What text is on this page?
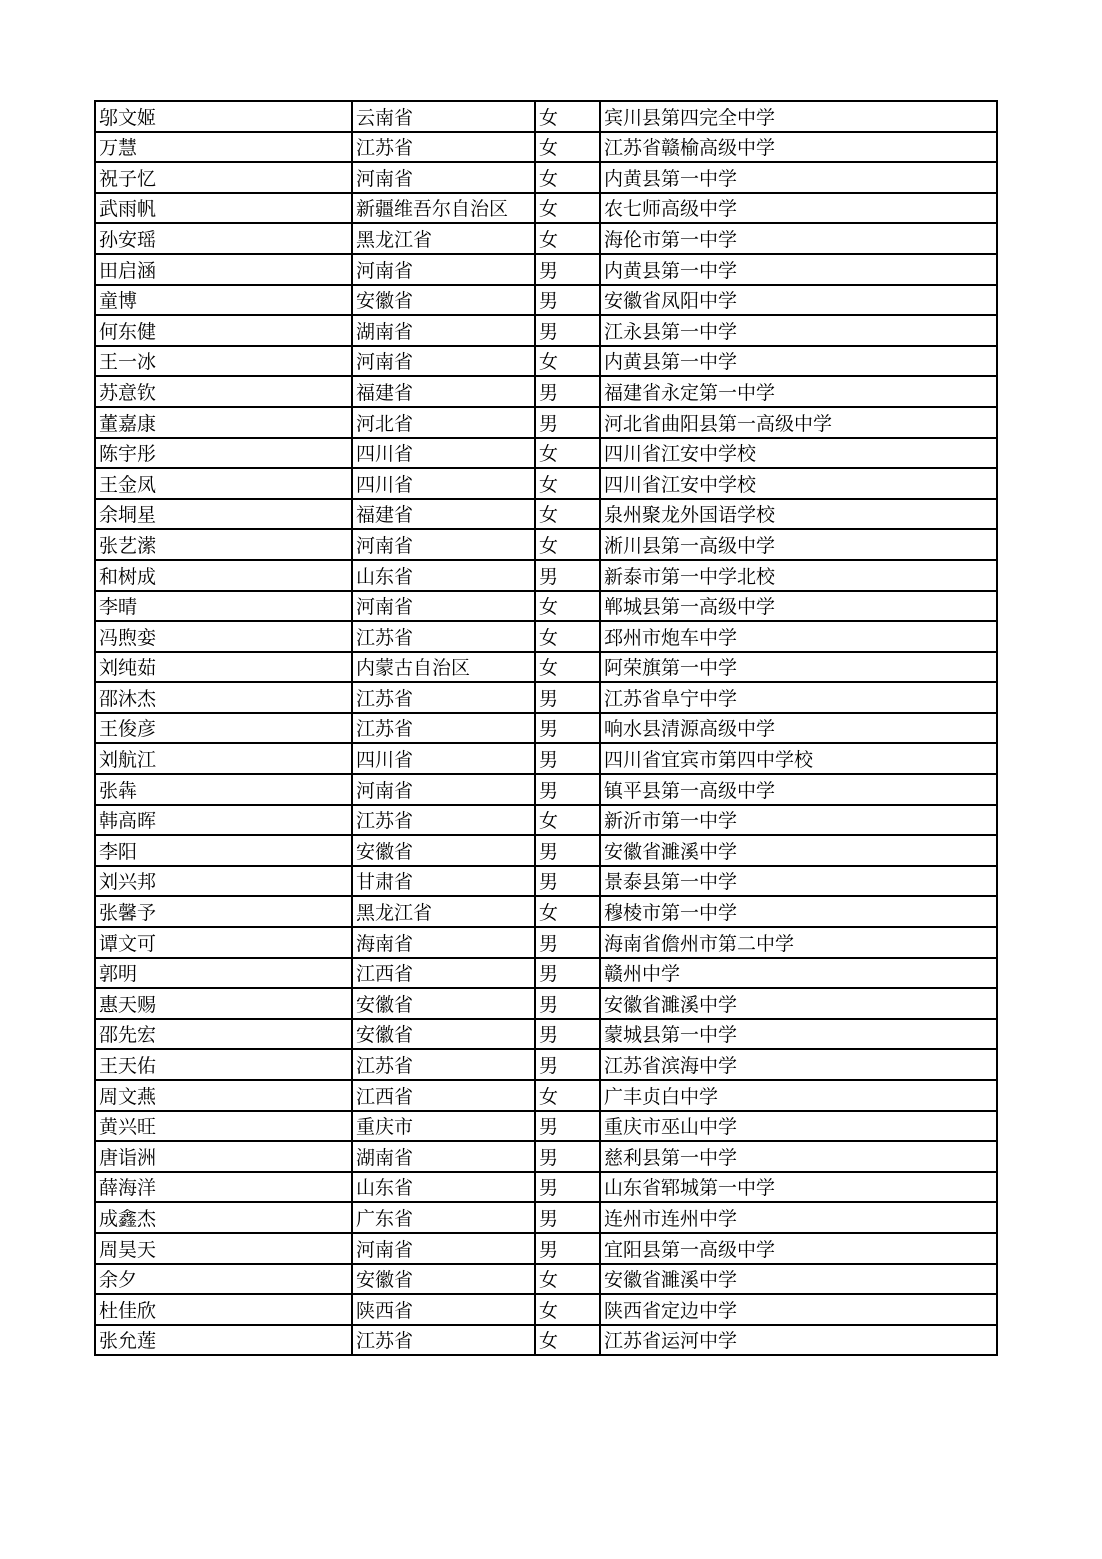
邬文姬	云南省	女	宾川县第四完全中学
万慧	江苏省	女	江苏省赣榆高级中学
祝子忆	河南省	女	内黄县第一中学
武雨帆	新疆维吾尔自治区	女	农七师高级中学
孙安瑶	黑龙江省	女	海伦市第一中学
田启涵	河南省	男	内黄县第一中学
童博	安徽省	男	安徽省凤阳中学
何东健	湖南省	男	江永县第一中学
王一冰	河南省	女	内黄县第一中学
苏意钦	福建省	男	福建省永定第一中学
董嘉康	河北省	男	河北省曲阳县第一高级中学
陈宇彤	四川省	女	四川省江安中学校
王金凤	四川省	女	四川省江安中学校
余垌星	福建省	女	泉州聚龙外国语学校
张艺潆	河南省	女	淅川县第一高级中学
和树成	山东省	男	新泰市第一中学北校
李晴	河南省	女	郸城县第一高级中学
冯煦娈	江苏省	女	邳州市炮车中学
刘纯茹	内蒙古自治区	女	阿荣旗第一中学
邵沐杰	江苏省	男	江苏省阜宁中学
王俊彦	江苏省	男	响水县清源高级中学
刘航江	四川省	男	四川省宜宾市第四中学校
张犇	河南省	男	镇平县第一高级中学
韩高晖	江苏省	女	新沂市第一中学
李阳	安徽省	男	安徽省濉溪中学
刘兴邦	甘肃省	男	景泰县第一中学
张馨予	黑龙江省	女	穆棱市第一中学
谭文可	海南省	男	海南省儋州市第二中学
郭明	江西省	男	赣州中学
惠天赐	安徽省	男	安徽省濉溪中学
邵先宏	安徽省	男	蒙城县第一中学
王天佑	江苏省	男	江苏省滨海中学
周文燕	江西省	女	广丰贞白中学
黄兴旺	重庆市	男	重庆市巫山中学
唐诣洲	湖南省	男	慈利县第一中学
薛海洋	山东省	男	山东省郓城第一中学
成鑫杰	广东省	男	连州市连州中学
周昊天	河南省	男	宜阳县第一高级中学
余夕	安徽省	女	安徽省濉溪中学
杜佳欣	陕西省	女	陕西省定边中学
张允莲	江苏省	女	江苏省运河中学
